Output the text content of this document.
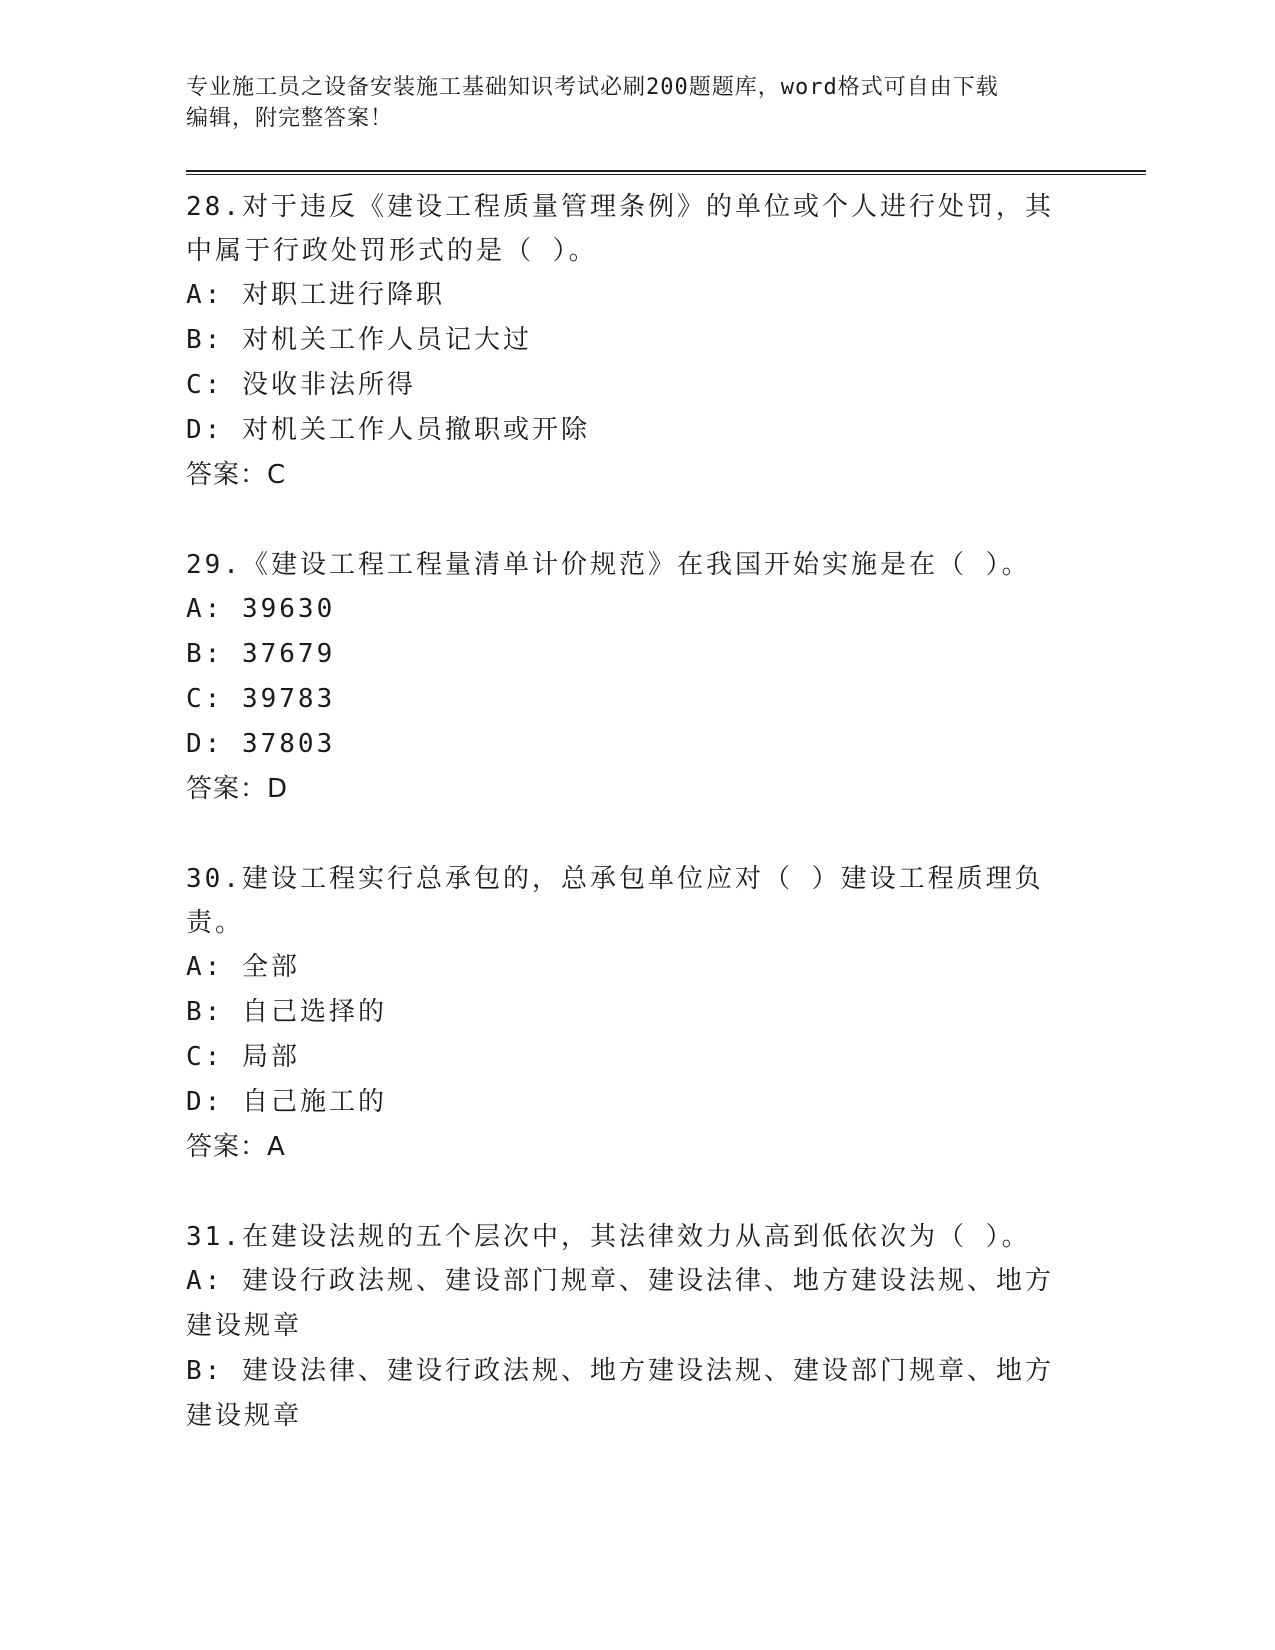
专业施工员之设备安装施工基础知识考试必刷200题题库，word格式可自由下载
编辑，附完整答案！
28.对于违反《建设工程质量管理条例》的单位或个人进行处罚，其中属于行政处罚形式的是（ ）。
A: 对职工进行降职
B: 对机关工作人员记大过
C: 没收非法所得
D: 对机关工作人员撤职或开除
答案：C
29.《建设工程工程量清单计价规范》在我国开始实施是在（ ）。
A: 39630
B: 37679
C: 39783
D: 37803
答案：D
30.建设工程实行总承包的，总承包单位应对（ ）建设工程质理负责。
A: 全部
B: 自己选择的
C: 局部
D: 自己施工的
答案：A
31.在建设法规的五个层次中，其法律效力从高到低依次为（ ）。
A: 建设行政法规、建设部门规章、建设法律、地方建设法规、地方建设规章
B: 建设法律、建设行政法规、地方建设法规、建设部门规章、地方建设规章
